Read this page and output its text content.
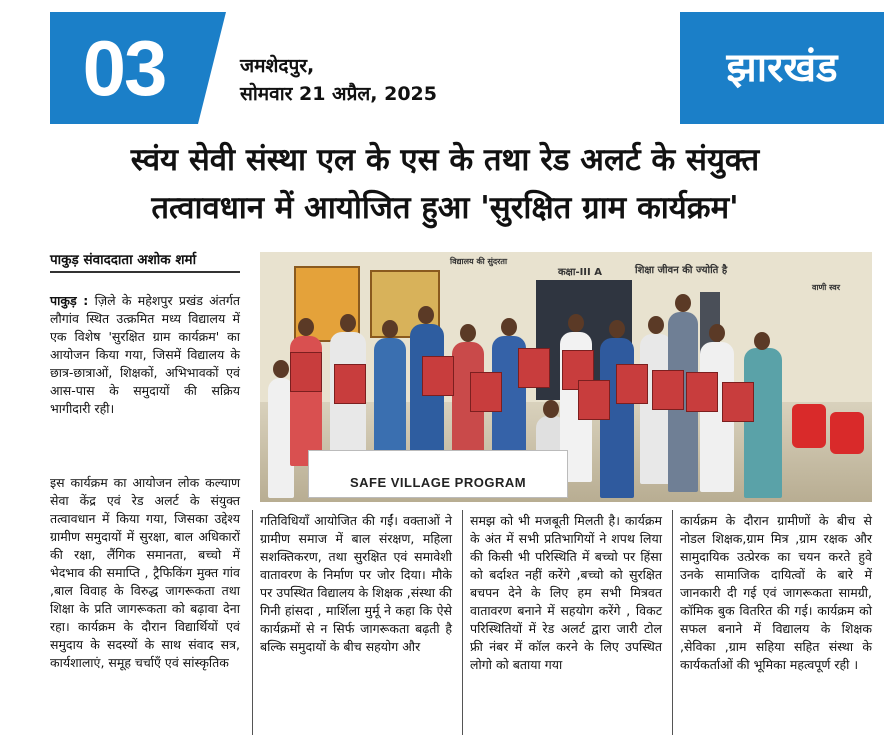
03	जमशेदपुर,
सोमवार 21 अप्रैल, 2025
झारखंड
स्वंय सेवी संस्था एल के एस के तथा रेड अलर्ट के संयुक्त
तत्वावधान में आयोजित हुआ 'सुरक्षित ग्राम कार्यक्रम'
पाकुड़ संवाददाता अशोक शर्मा
कक्षा-III A	शिक्षा जीवन की ज्योति है
विद्यालय की सुंदरता
वाणी स्वर
SAFE VILLAGE PROGRAM

पाकुड़ : ज़िले के महेशपुर प्रखंड अंतर्गत लौगांव स्थित उत्क्रमित मध्य विद्यालय में एक विशेष 'सुरक्षित ग्राम कार्यक्रम' का आयोजन किया गया, जिसमें विद्यालय के छात्र-छात्राओं, शिक्षकों, अभिभावकों एवं आस-पास के समुदायों की सक्रिय भागीदारी रही।

इस कार्यक्रम का आयोजन लोक कल्याण सेवा केंद्र एवं रेड अलर्ट के संयुक्त तत्वावधान में किया गया, जिसका उद्देश्य ग्रामीण समुदायों में सुरक्षा, बाल अधिकारों की रक्षा, लैंगिक समानता, बच्चो में भेदभाव की समाप्ति , ट्रैफिकिंग मुक्त गांव ,बाल विवाह के विरुद्ध जागरूकता तथा शिक्षा के प्रति जागरूकता को बढ़ावा देना रहा। कार्यक्रम के दौरान विद्यार्थियों एवं समुदाय के सदस्यों के साथ संवाद सत्र, कार्यशालाएं, समूह चर्चाएँ एवं सांस्कृतिक

गतिविधियाँ आयोजित की गईं। वक्ताओं ने ग्रामीण समाज में बाल संरक्षण, महिला सशक्तिकरण, तथा सुरक्षित एवं समावेशी वातावरण के निर्माण पर जोर दिया। मौके पर उपस्थित विद्यालय के शिक्षक ,संस्था की गिनी हांसदा , मार्शिला मुर्मू ने कहा कि ऐसे कार्यक्रमों से न सिर्फ जागरूकता बढ़ती है बल्कि समुदायों के बीच सहयोग और
समझ को भी मजबूती मिलती है। कार्यक्रम के अंत में सभी प्रतिभागियों ने शपथ लिया की किसी भी परिस्थिति में बच्चो पर हिंसा को बर्दाश्त नहीं करेंगे ,बच्चो को सुरक्षित बचपन देने के लिए हम सभी मित्रवत वातावरण बनाने में सहयोग करेंगे , विकट परिस्थितियों में रेड अलर्ट द्वारा जारी टोल फ्री नंबर में कॉल करने के लिए उपस्थित लोगो को बताया गया
कार्यक्रम के दौरान ग्रामीणों के बीच से नोडल शिक्षक,ग्राम मित्र ,ग्राम रक्षक और सामुदायिक उत्प्रेरक का चयन करते हुवे उनके सामाजिक दायित्वों के बारे में जानकारी दी गई एवं जागरूकता सामग्री, कॉमिक बुक वितरित की गई। कार्यक्रम को सफल बनाने में विद्यालय के शिक्षक ,सेविका ,ग्राम सहिया सहित संस्था के कार्यकर्ताओं की भूमिका महत्वपूर्ण रही ।
